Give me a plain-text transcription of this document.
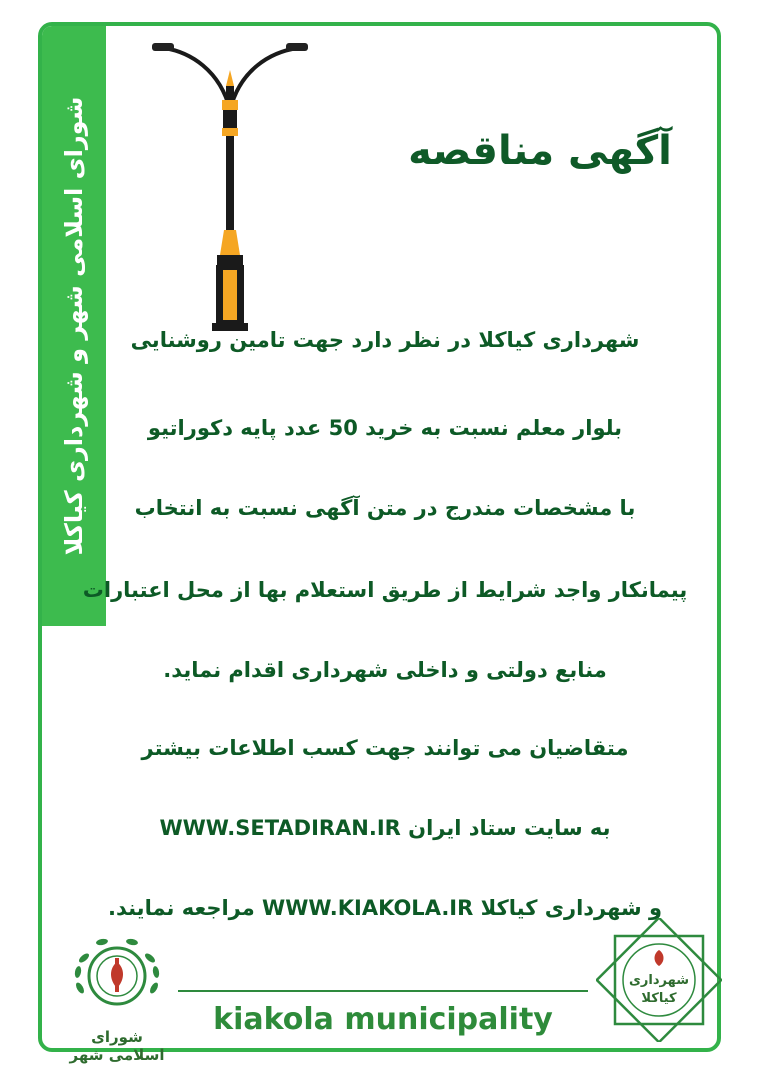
شورای اسلامی شهر و شهرداری کیاکلا	آگهی مناقصه
شهرداری کیاکلا در نظر دارد جهت تامین روشنایی
بلوار معلم نسبت به خرید 50 عدد پایه دکوراتیو
با مشخصات مندرج در متن آگهی نسبت به انتخاب
پیمانکار واجد شرایط از طریق استعلام بها از محل اعتبارات
منابع دولتی و داخلی شهرداری اقدام نماید.
متقاضیان می توانند جهت کسب اطلاعات بیشتر
به سایت ستاد ایران WWW.SETADIRAN.IR
و شهرداری کیاکلا WWW.KIAKOLA.IR مراجعه نمایند.
شورای اسلامی شهر
شهرداری
کیاکلا
kiakola municipality
